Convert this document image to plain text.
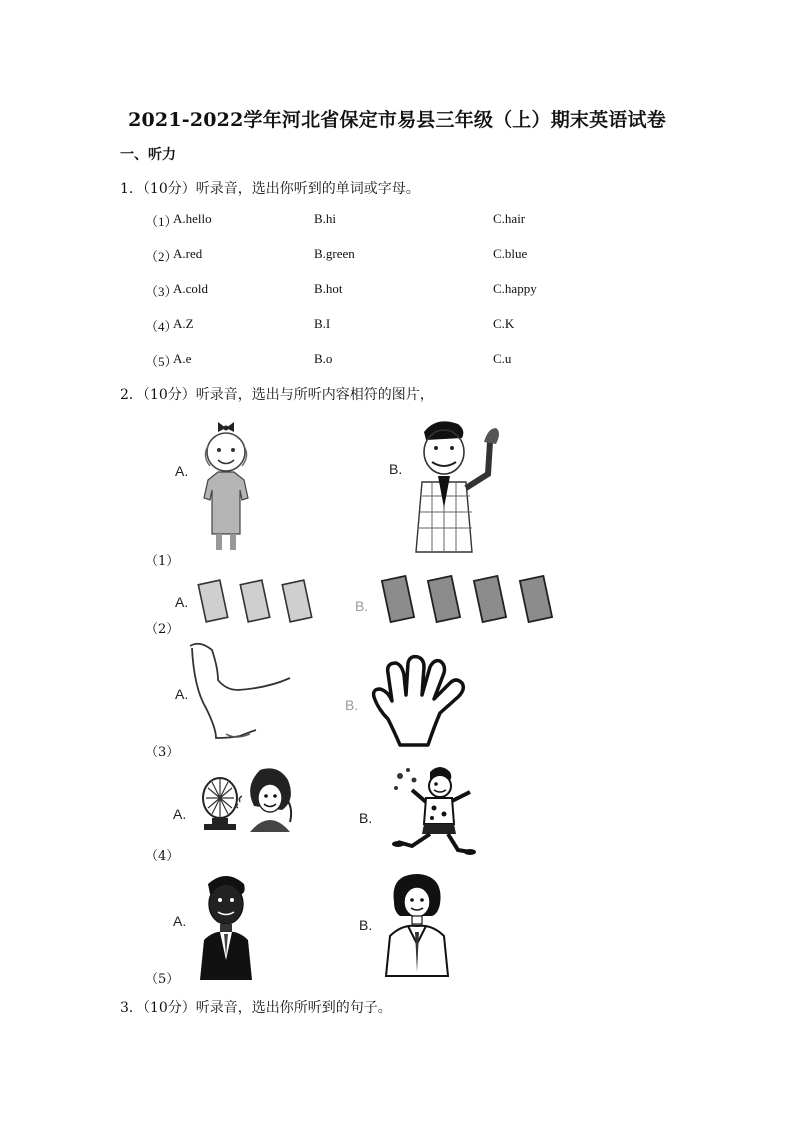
2021-2022学年河北省保定市易县三年级（上）期末英语试卷
一、听力
1．（10分）听录音，选出你听到的单词或字母。
（1）
A.hello	B.hi	C.hair
（2）
A.red	B.green	C.blue
（3）
A.cold	B.hot	C.happy
（4）
A.Z	B.I	C.K
（5）
A.e	B.o	C.u
2．（10分）听录音，选出与所听内容相符的图片，
A.	B.
（1）
A.	B.
（2）
A.
B.
（3）
A.	B.
（4）
A.	B.
（5）
3．（10分）听录音，选出你所听到的句子。
